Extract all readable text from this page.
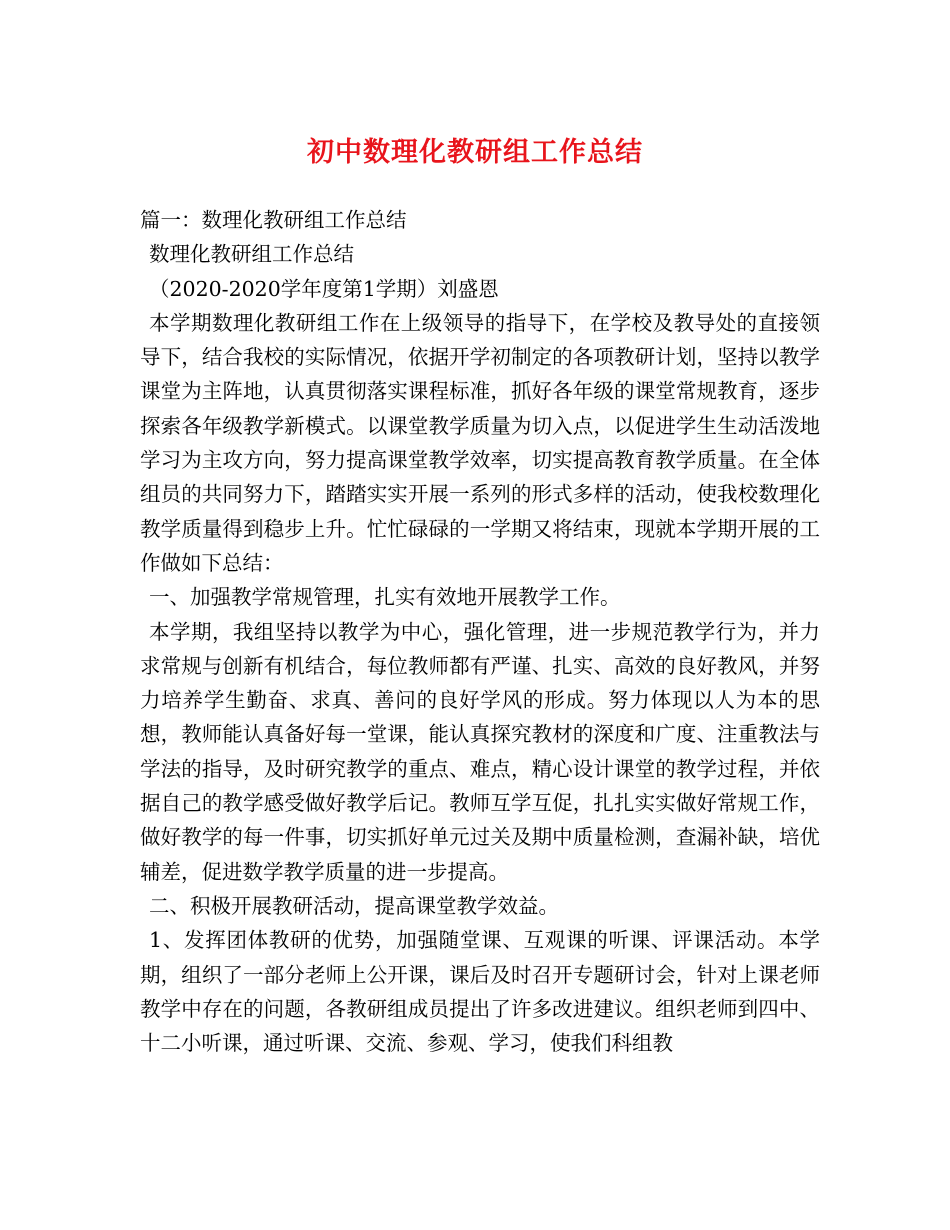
初中数理化教研组工作总结

篇一：数理化教研组工作总结

数理化教研组工作总结

（2020-2020学年度第1学期）刘盛恩

本学期数理化教研组工作在上级领导的指导下，在学校及教导处的直接领导下，结合我校的实际情况，依据开学初制定的各项教研计划，坚持以教学课堂为主阵地，认真贯彻落实课程标准，抓好各年级的课堂常规教育，逐步探索各年级教学新模式。以课堂教学质量为切入点，以促进学生生动活泼地学习为主攻方向，努力提高课堂教学效率，切实提高教育教学质量。在全体组员的共同努力下，踏踏实实开展一系列的形式多样的活动，使我校数理化教学质量得到稳步上升。忙忙碌碌的一学期又将结束，现就本学期开展的工作做如下总结：

一、加强教学常规管理，扎实有效地开展教学工作。

本学期，我组坚持以教学为中心，强化管理，进一步规范教学行为，并力求常规与创新有机结合，每位教师都有严谨、扎实、高效的良好教风，并努力培养学生勤奋、求真、善问的良好学风的形成。努力体现以人为本的思想，教师能认真备好每一堂课，能认真探究教材的深度和广度、注重教法与学法的指导，及时研究教学的重点、难点，精心设计课堂的教学过程，并依据自己的教学感受做好教学后记。教师互学互促，扎扎实实做好常规工作，做好教学的每一件事，切实抓好单元过关及期中质量检测，查漏补缺，培优辅差，促进数学教学质量的进一步提高。

二、积极开展教研活动，提高课堂教学效益。

1、发挥团体教研的优势，加强随堂课、互观课的听课、评课活动。本学期，组织了一部分老师上公开课，课后及时召开专题研讨会，针对上课老师教学中存在的问题，各教研组成员提出了许多改进建议。组织老师到四中、十二小听课，通过听课、交流、参观、学习，使我们科组教
